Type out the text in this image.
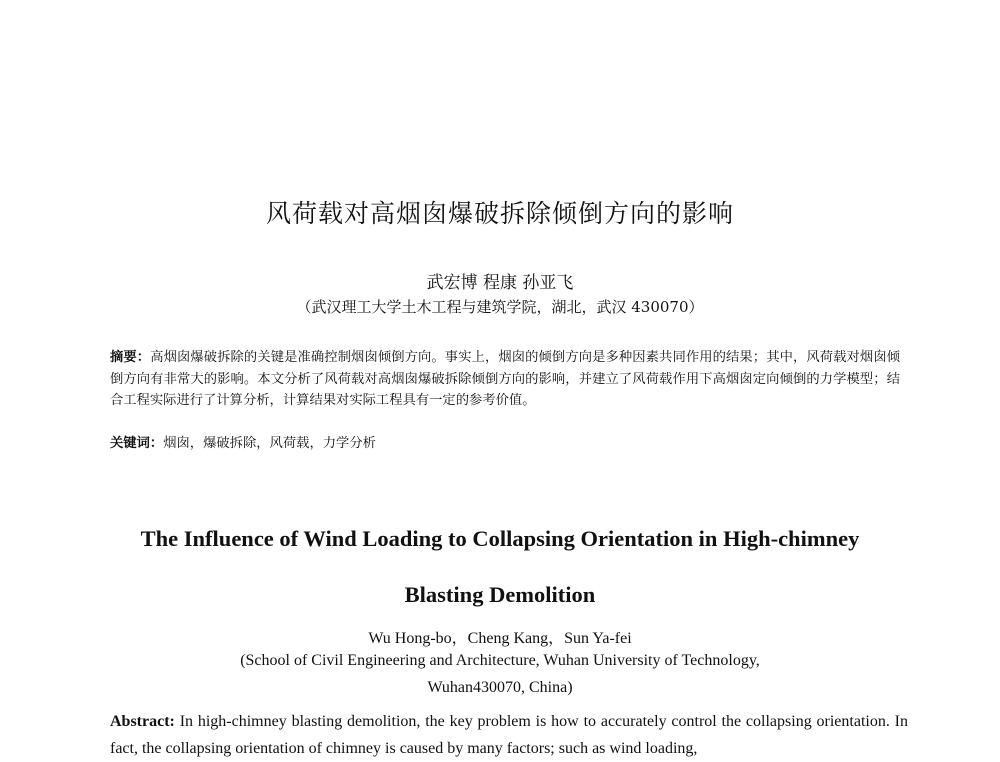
风荷载对高烟囱爆破拆除倾倒方向的影响
武宏博 程康 孙亚飞
（武汉理工大学土木工程与建筑学院，湖北，武汉 430070）

摘要：高烟囱爆破拆除的关键是准确控制烟囱倾倒方向。事实上，烟囱的倾倒方向是多种因素共同作用的结果；其中，风荷载对烟囱倾倒方向有非常大的影响。本文分析了风荷载对高烟囱爆破拆除倾倒方向的影响，并建立了风荷载作用下高烟囱定向倾倒的力学模型；结合工程实际进行了计算分析，计算结果对实际工程具有一定的参考价值。

关键词：烟囱，爆破拆除，风荷载，力学分析
The Influence of Wind Loading to Collapsing Orientation in High-chimney
Blasting Demolition
Wu Hong-bo，Cheng Kang，Sun Ya-fei
(School of Civil Engineering and Architecture, Wuhan University of Technology,
Wuhan430070, China)

Abstract: In high-chimney blasting demolition, the key problem is how to accurately control the collapsing orientation. In fact, the collapsing orientation of chimney is caused by many factors; such as wind loading,
